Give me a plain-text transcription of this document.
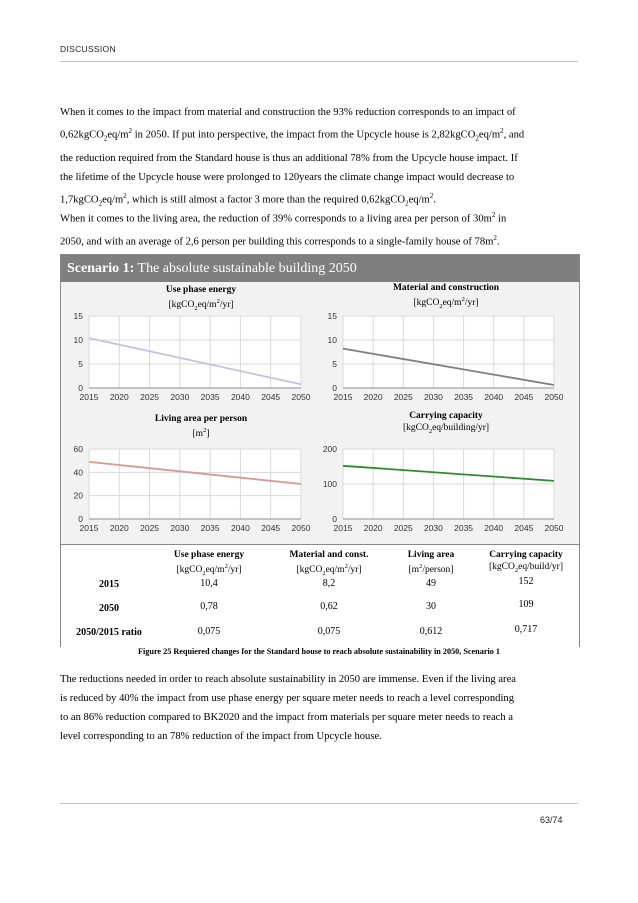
DISCUSSION
When it comes to the impact from material and construction the 93% reduction corresponds to an impact of
$0,62kgCO_2eq/m^2$ in 2050. If put into perspective, the impact from the Upcycle house is $2,82kgCO_2eq/m^2$, and
the reduction required from the Standard house is thus an additional 78% from the Upcycle house impact. If
the lifetime of the Upcycle house were prolonged to 120years the climate change impact would decrease to
$1,7kgCO_2eq/m^2$, which is still almost a factor 3 more than the required $0,62kgCO_2eq/m^2$.
When it comes to the living area, the reduction of 39% corresponds to a living area per person of $30m^2$ in
2050, and with an average of 2,6 person per building this corresponds to a single-family house of $78m^2$.
Scenario 1: The absolute sustainable building 2050
Use phase energy
$[kgCO_2eq/m^2/yr]$
Material and construction
$[kgCO_2eq/m^2/yr]$
Living area per person
$[m^2]$
Carrying capacity
[kgCO$_2$eq/building/yr]
0
5
10
15
2015 2020 2025 2030 2035 2040 2045 2050
0
5
10
15
2015 2020 2025 2030 2035 2040 2045 2050
0
20
40
60
2015 2020 2025 2030 2035 2040 2045 2050
0
100
200
2015 2020 2025 2030 2035 2040 2045 2050
Use phase energy
$[kgCO_2eq/m^2/yr]$
Material and const.
$[kgCO_2eq/m^2/yr]$
Living area
$[m^2/person]$
Carrying capacity
[kgCO$_2$eq/build/yr]
2015	10,4	8,2	49	152
2050	0,78	0,62	30	109
2050/2015 ratio	0,075	0,075	0,612	0,717
Figure 25 Requiered changes for the Standard house to reach absolute sustainability in 2050, Scenario 1
The reductions needed in order to reach absolute sustainability in 2050 are immense. Even if the living area
is reduced by 40% the impact from use phase energy per square meter needs to reach a level corresponding
to an 86% reduction compared to BK2020 and the impact from materials per square meter needs to reach a
level corresponding to an 78% reduction of the impact from Upcycle house.
63/74
